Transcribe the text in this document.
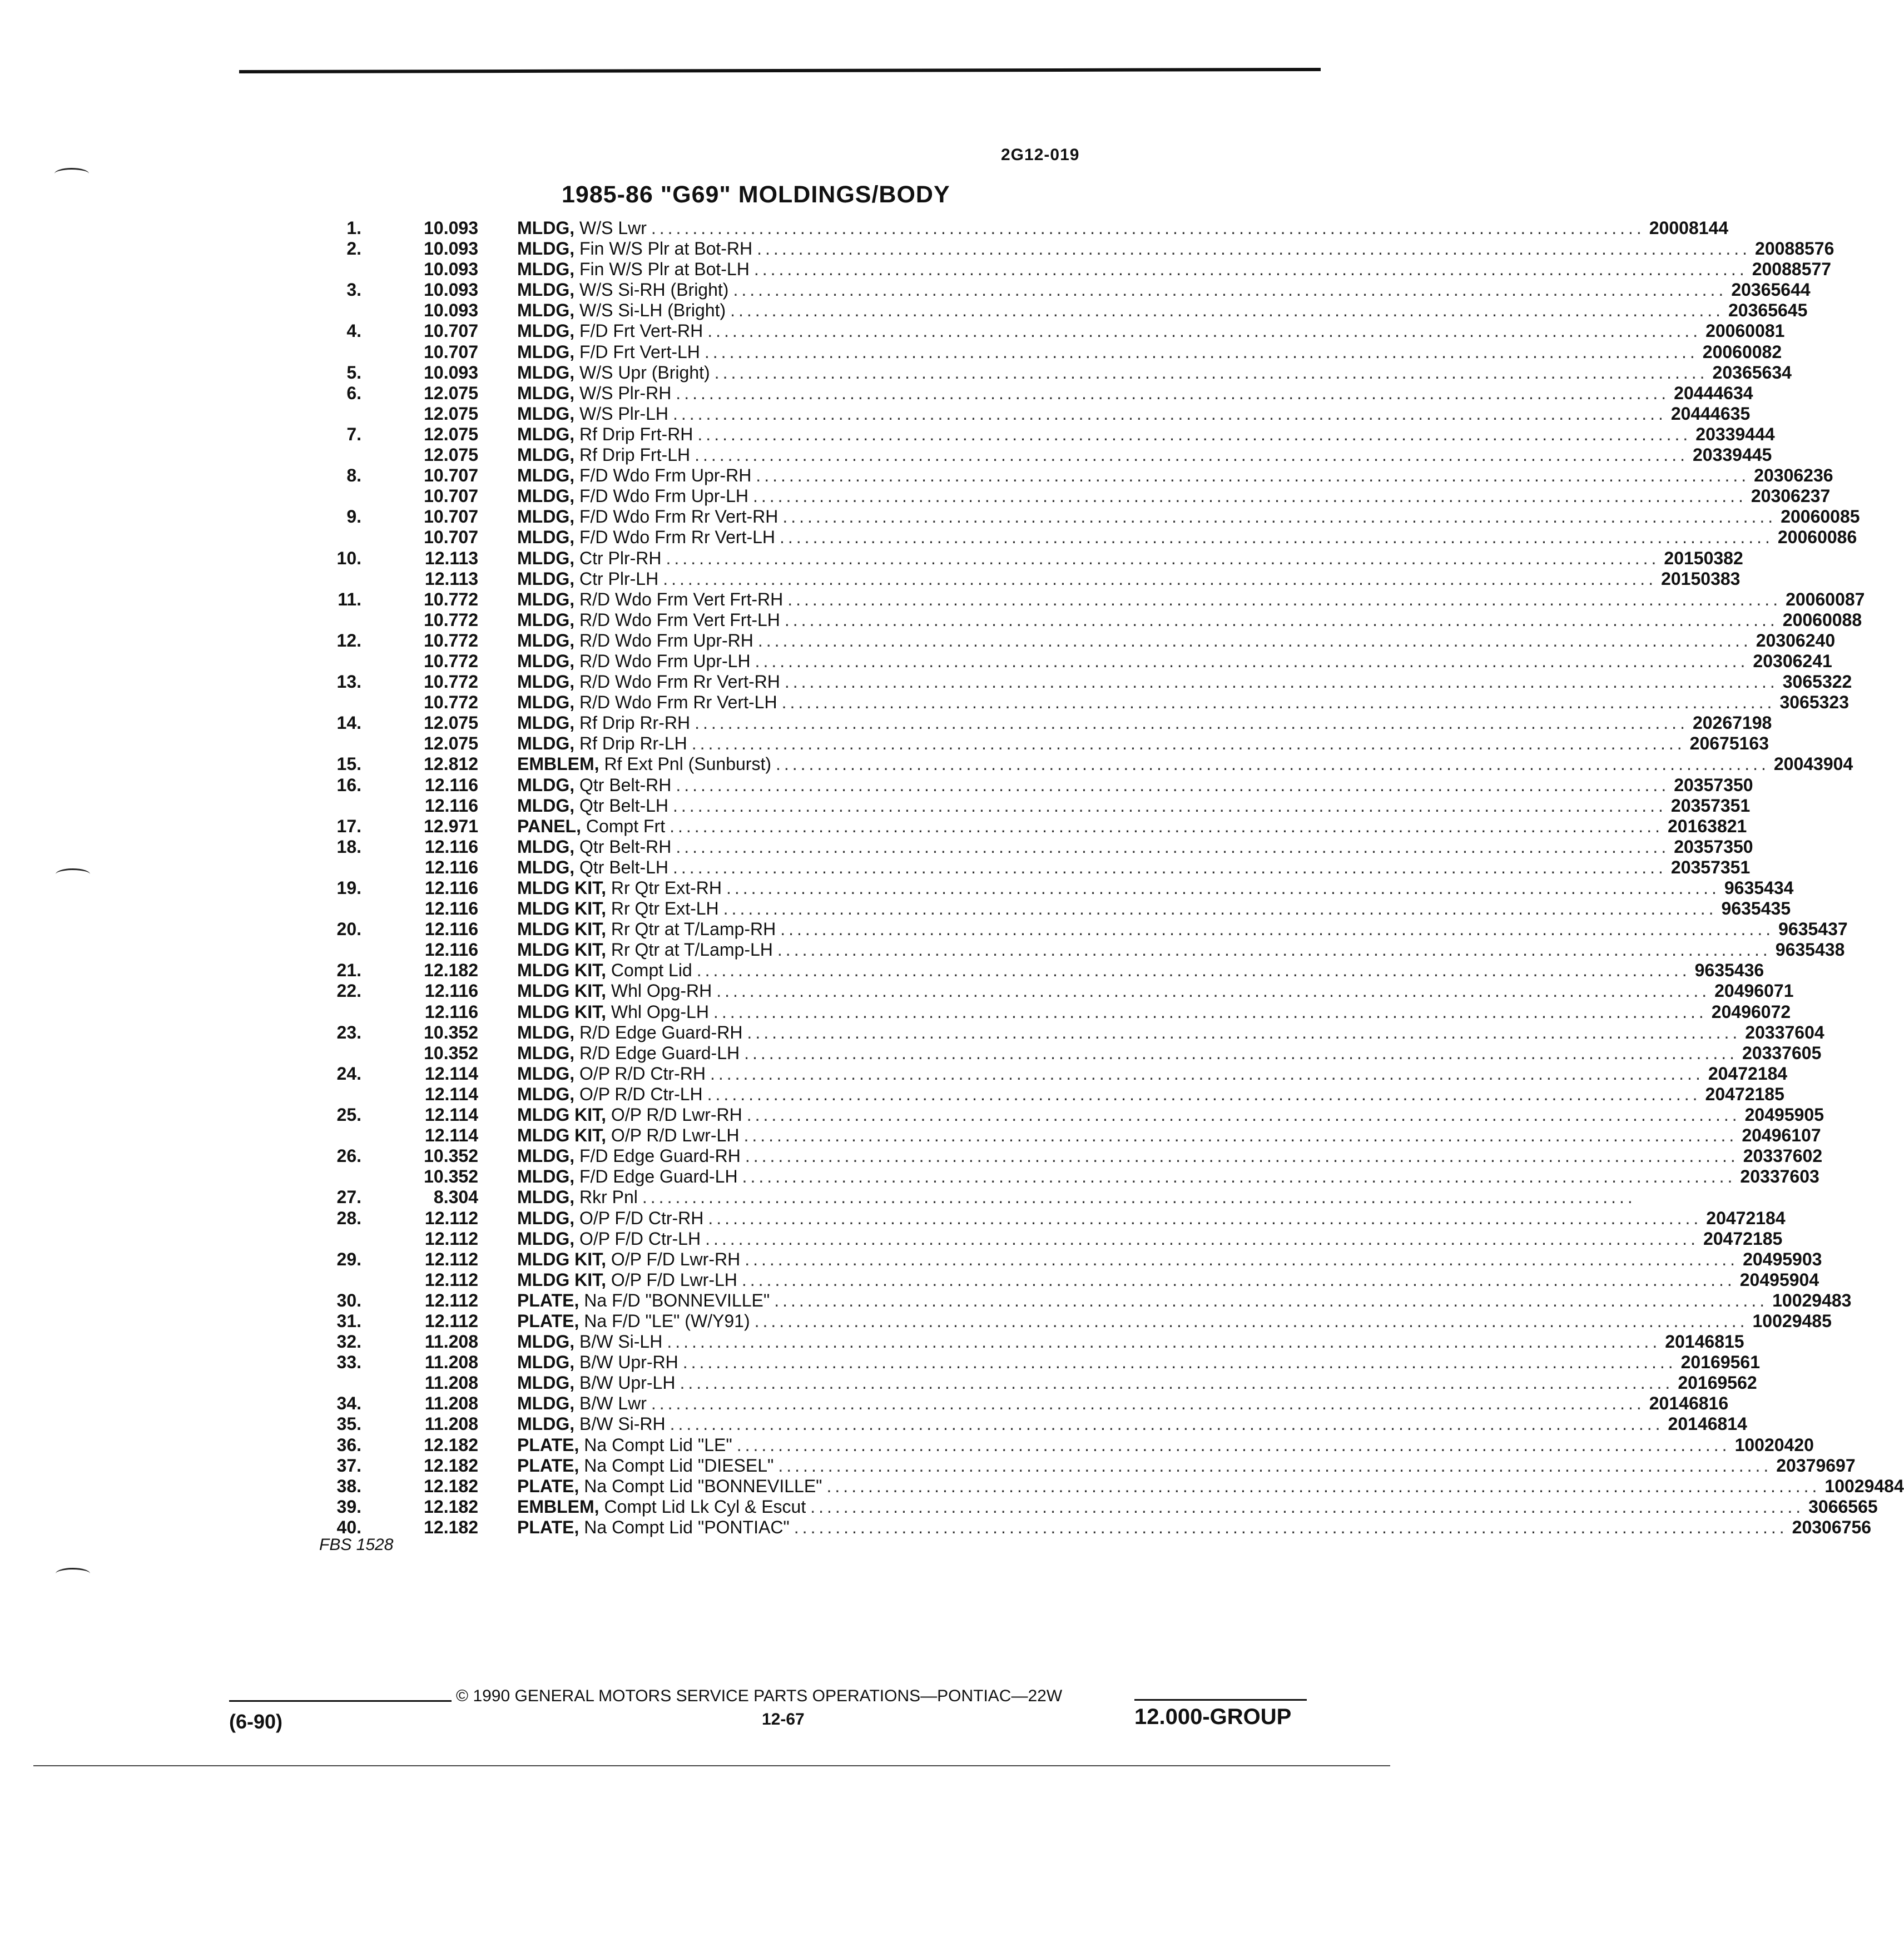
2G12-019
1985-86 "G69" MOLDINGS/BODY
1.	10.093 MLDG, W/S Lwr ........................................................................................................................ 20008144
2.	10.093 MLDG, Fin W/S Plr at Bot-RH ........................................................................................................................ 20088576
10.093 MLDG, Fin W/S Plr at Bot-LH ........................................................................................................................ 20088577
3.	10.093 MLDG, W/S Si-RH (Bright) ........................................................................................................................ 20365644
10.093 MLDG, W/S Si-LH (Bright) ........................................................................................................................ 20365645
4.	10.707 MLDG, F/D Frt Vert-RH ........................................................................................................................ 20060081
10.707 MLDG, F/D Frt Vert-LH ........................................................................................................................ 20060082
5.	10.093 MLDG, W/S Upr (Bright) ........................................................................................................................ 20365634
6.	12.075 MLDG, W/S Plr-RH ........................................................................................................................ 20444634
12.075 MLDG, W/S Plr-LH ........................................................................................................................ 20444635
7.	12.075 MLDG, Rf Drip Frt-RH ........................................................................................................................ 20339444
12.075 MLDG, Rf Drip Frt-LH ........................................................................................................................ 20339445
8.	10.707 MLDG, F/D Wdo Frm Upr-RH ........................................................................................................................ 20306236
10.707 MLDG, F/D Wdo Frm Upr-LH ........................................................................................................................ 20306237
9.	10.707 MLDG, F/D Wdo Frm Rr Vert-RH ........................................................................................................................ 20060085
10.707 MLDG, F/D Wdo Frm Rr Vert-LH ........................................................................................................................ 20060086
10.	12.113 MLDG, Ctr Plr-RH ........................................................................................................................ 20150382
12.113 MLDG, Ctr Plr-LH ........................................................................................................................ 20150383
11.	10.772 MLDG, R/D Wdo Frm Vert Frt-RH ........................................................................................................................ 20060087
10.772 MLDG, R/D Wdo Frm Vert Frt-LH ........................................................................................................................ 20060088
12.	10.772 MLDG, R/D Wdo Frm Upr-RH ........................................................................................................................ 20306240
10.772 MLDG, R/D Wdo Frm Upr-LH ........................................................................................................................ 20306241
13.	10.772 MLDG, R/D Wdo Frm Rr Vert-RH ........................................................................................................................ 3065322
10.772 MLDG, R/D Wdo Frm Rr Vert-LH ........................................................................................................................ 3065323
14.	12.075 MLDG, Rf Drip Rr-RH ........................................................................................................................ 20267198
12.075 MLDG, Rf Drip Rr-LH ........................................................................................................................ 20675163
15.	12.812 EMBLEM, Rf Ext Pnl (Sunburst) ........................................................................................................................ 20043904
16.	12.116 MLDG, Qtr Belt-RH ........................................................................................................................ 20357350
12.116 MLDG, Qtr Belt-LH ........................................................................................................................ 20357351
17.	12.971 PANEL, Compt Frt ........................................................................................................................ 20163821
18.	12.116 MLDG, Qtr Belt-RH ........................................................................................................................ 20357350
12.116 MLDG, Qtr Belt-LH ........................................................................................................................ 20357351
19.	12.116 MLDG KIT, Rr Qtr Ext-RH ........................................................................................................................ 9635434
12.116 MLDG KIT, Rr Qtr Ext-LH ........................................................................................................................ 9635435
20.	12.116 MLDG KIT, Rr Qtr at T/Lamp-RH ........................................................................................................................ 9635437
12.116 MLDG KIT, Rr Qtr at T/Lamp-LH ........................................................................................................................ 9635438
21.	12.182 MLDG KIT, Compt Lid ........................................................................................................................ 9635436
22.	12.116 MLDG KIT, Whl Opg-RH ........................................................................................................................ 20496071
12.116 MLDG KIT, Whl Opg-LH ........................................................................................................................ 20496072
23.	10.352 MLDG, R/D Edge Guard-RH ........................................................................................................................ 20337604
10.352 MLDG, R/D Edge Guard-LH ........................................................................................................................ 20337605
24.	12.114 MLDG, O/P R/D Ctr-RH ........................................................................................................................ 20472184
12.114 MLDG, O/P R/D Ctr-LH ........................................................................................................................ 20472185
25.	12.114 MLDG KIT, O/P R/D Lwr-RH ........................................................................................................................ 20495905
12.114 MLDG KIT, O/P R/D Lwr-LH ........................................................................................................................ 20496107
26.	10.352 MLDG, F/D Edge Guard-RH ........................................................................................................................ 20337602
10.352 MLDG, F/D Edge Guard-LH ........................................................................................................................ 20337603
27.	8.304 MLDG, Rkr Pnl ........................................................................................................................
28.	12.112 MLDG, O/P F/D Ctr-RH ........................................................................................................................ 20472184
12.112 MLDG, O/P F/D Ctr-LH ........................................................................................................................ 20472185
29.	12.112 MLDG KIT, O/P F/D Lwr-RH ........................................................................................................................ 20495903
12.112 MLDG KIT, O/P F/D Lwr-LH ........................................................................................................................ 20495904
30.	12.112 PLATE, Na F/D "BONNEVILLE" ........................................................................................................................ 10029483
31.	12.112 PLATE, Na F/D "LE" (W/Y91) ........................................................................................................................ 10029485
32.	11.208 MLDG, B/W Si-LH ........................................................................................................................ 20146815
33.	11.208 MLDG, B/W Upr-RH ........................................................................................................................ 20169561
11.208 MLDG, B/W Upr-LH ........................................................................................................................ 20169562
34.	11.208 MLDG, B/W Lwr ........................................................................................................................ 20146816
35.	11.208 MLDG, B/W Si-RH ........................................................................................................................ 20146814
36.	12.182 PLATE, Na Compt Lid "LE" ........................................................................................................................ 10020420
37.	12.182 PLATE, Na Compt Lid "DIESEL" ........................................................................................................................ 20379697
38.	12.182 PLATE, Na Compt Lid "BONNEVILLE" ........................................................................................................................ 10029484
39.	12.182 EMBLEM, Compt Lid Lk Cyl & Escut ........................................................................................................................ 3066565
40.	12.182 PLATE, Na Compt Lid "PONTIAC" ........................................................................................................................ 20306756
FBS 1528
© 1990 GENERAL MOTORS SERVICE PARTS OPERATIONS—PONTIAC—22W
(6-90)	12-67	12.000-GROUP
